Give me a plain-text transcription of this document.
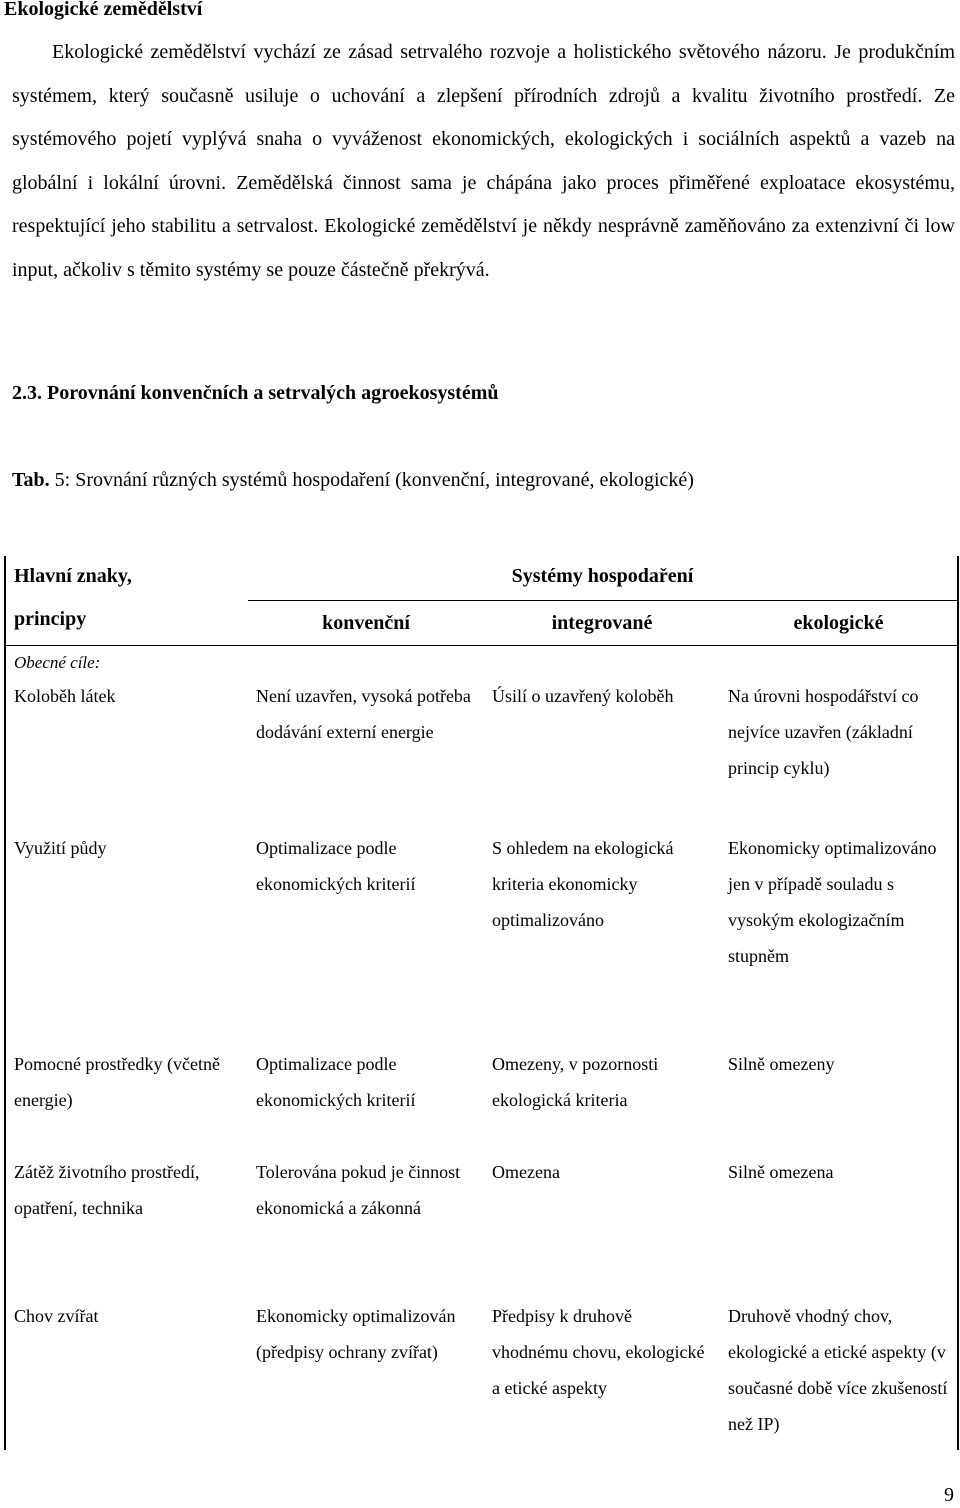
Ekologické zemědělství

Ekologické zemědělství vychází ze zásad setrvalého rozvoje a holistického světového názoru. Je produkčním systémem, který současně usiluje o uchování a zlepšení přírodních zdrojů a kvalitu životního prostředí. Ze systémového pojetí vyplývá snaha o vyváženost ekonomických, ekologických i sociálních aspektů a vazeb na globální i lokální úrovni. Zemědělská činnost sama je chápána jako proces přiměřené exploatace ekosystému, respektující jeho stabilitu a setrvalost. Ekologické zemědělství je někdy nesprávně zaměňováno za extenzivní či low input, ačkoliv s těmito systémy se pouze částečně překrývá.

2.3. Porovnání konvenčních a setrvalých agroekosystémů

Tab. 5: Srovnání různých systémů hospodaření (konvenční, integrované, ekologické)

Hlavní znaky,	Systémy hospodaření		
principy	konvenční	integrované	ekologické
Obecné cíle:			
Koloběh látek	Není uzavřen, vysoká potřeba dodávání externí energie	Úsilí o uzavřený koloběh	Na úrovni hospodářství co nejvíce uzavřen (základní princip cyklu)
Využití půdy	Optimalizace podle ekonomických kriterií	S ohledem na ekologická kriteria ekonomicky optimalizováno	Ekonomicky optimalizováno jen v případě souladu s vysokým ekologizačním stupněm
Pomocné prostředky (včetně energie)	Optimalizace podle ekonomických kriterií	Omezeny, v pozornosti ekologická kriteria	Silně omezeny
Zátěž životního prostředí, opatření, technika	Tolerována pokud je činnost ekonomická a zákonná	Omezena	Silně omezena
Chov zvířat	Ekonomicky optimalizován (předpisy ochrany zvířat)	Předpisy k druhově vhodnému chovu, ekologické a etické aspekty	Druhově vhodný chov, ekologické a etické aspekty (v současné době více zkušeností než IP)
9
